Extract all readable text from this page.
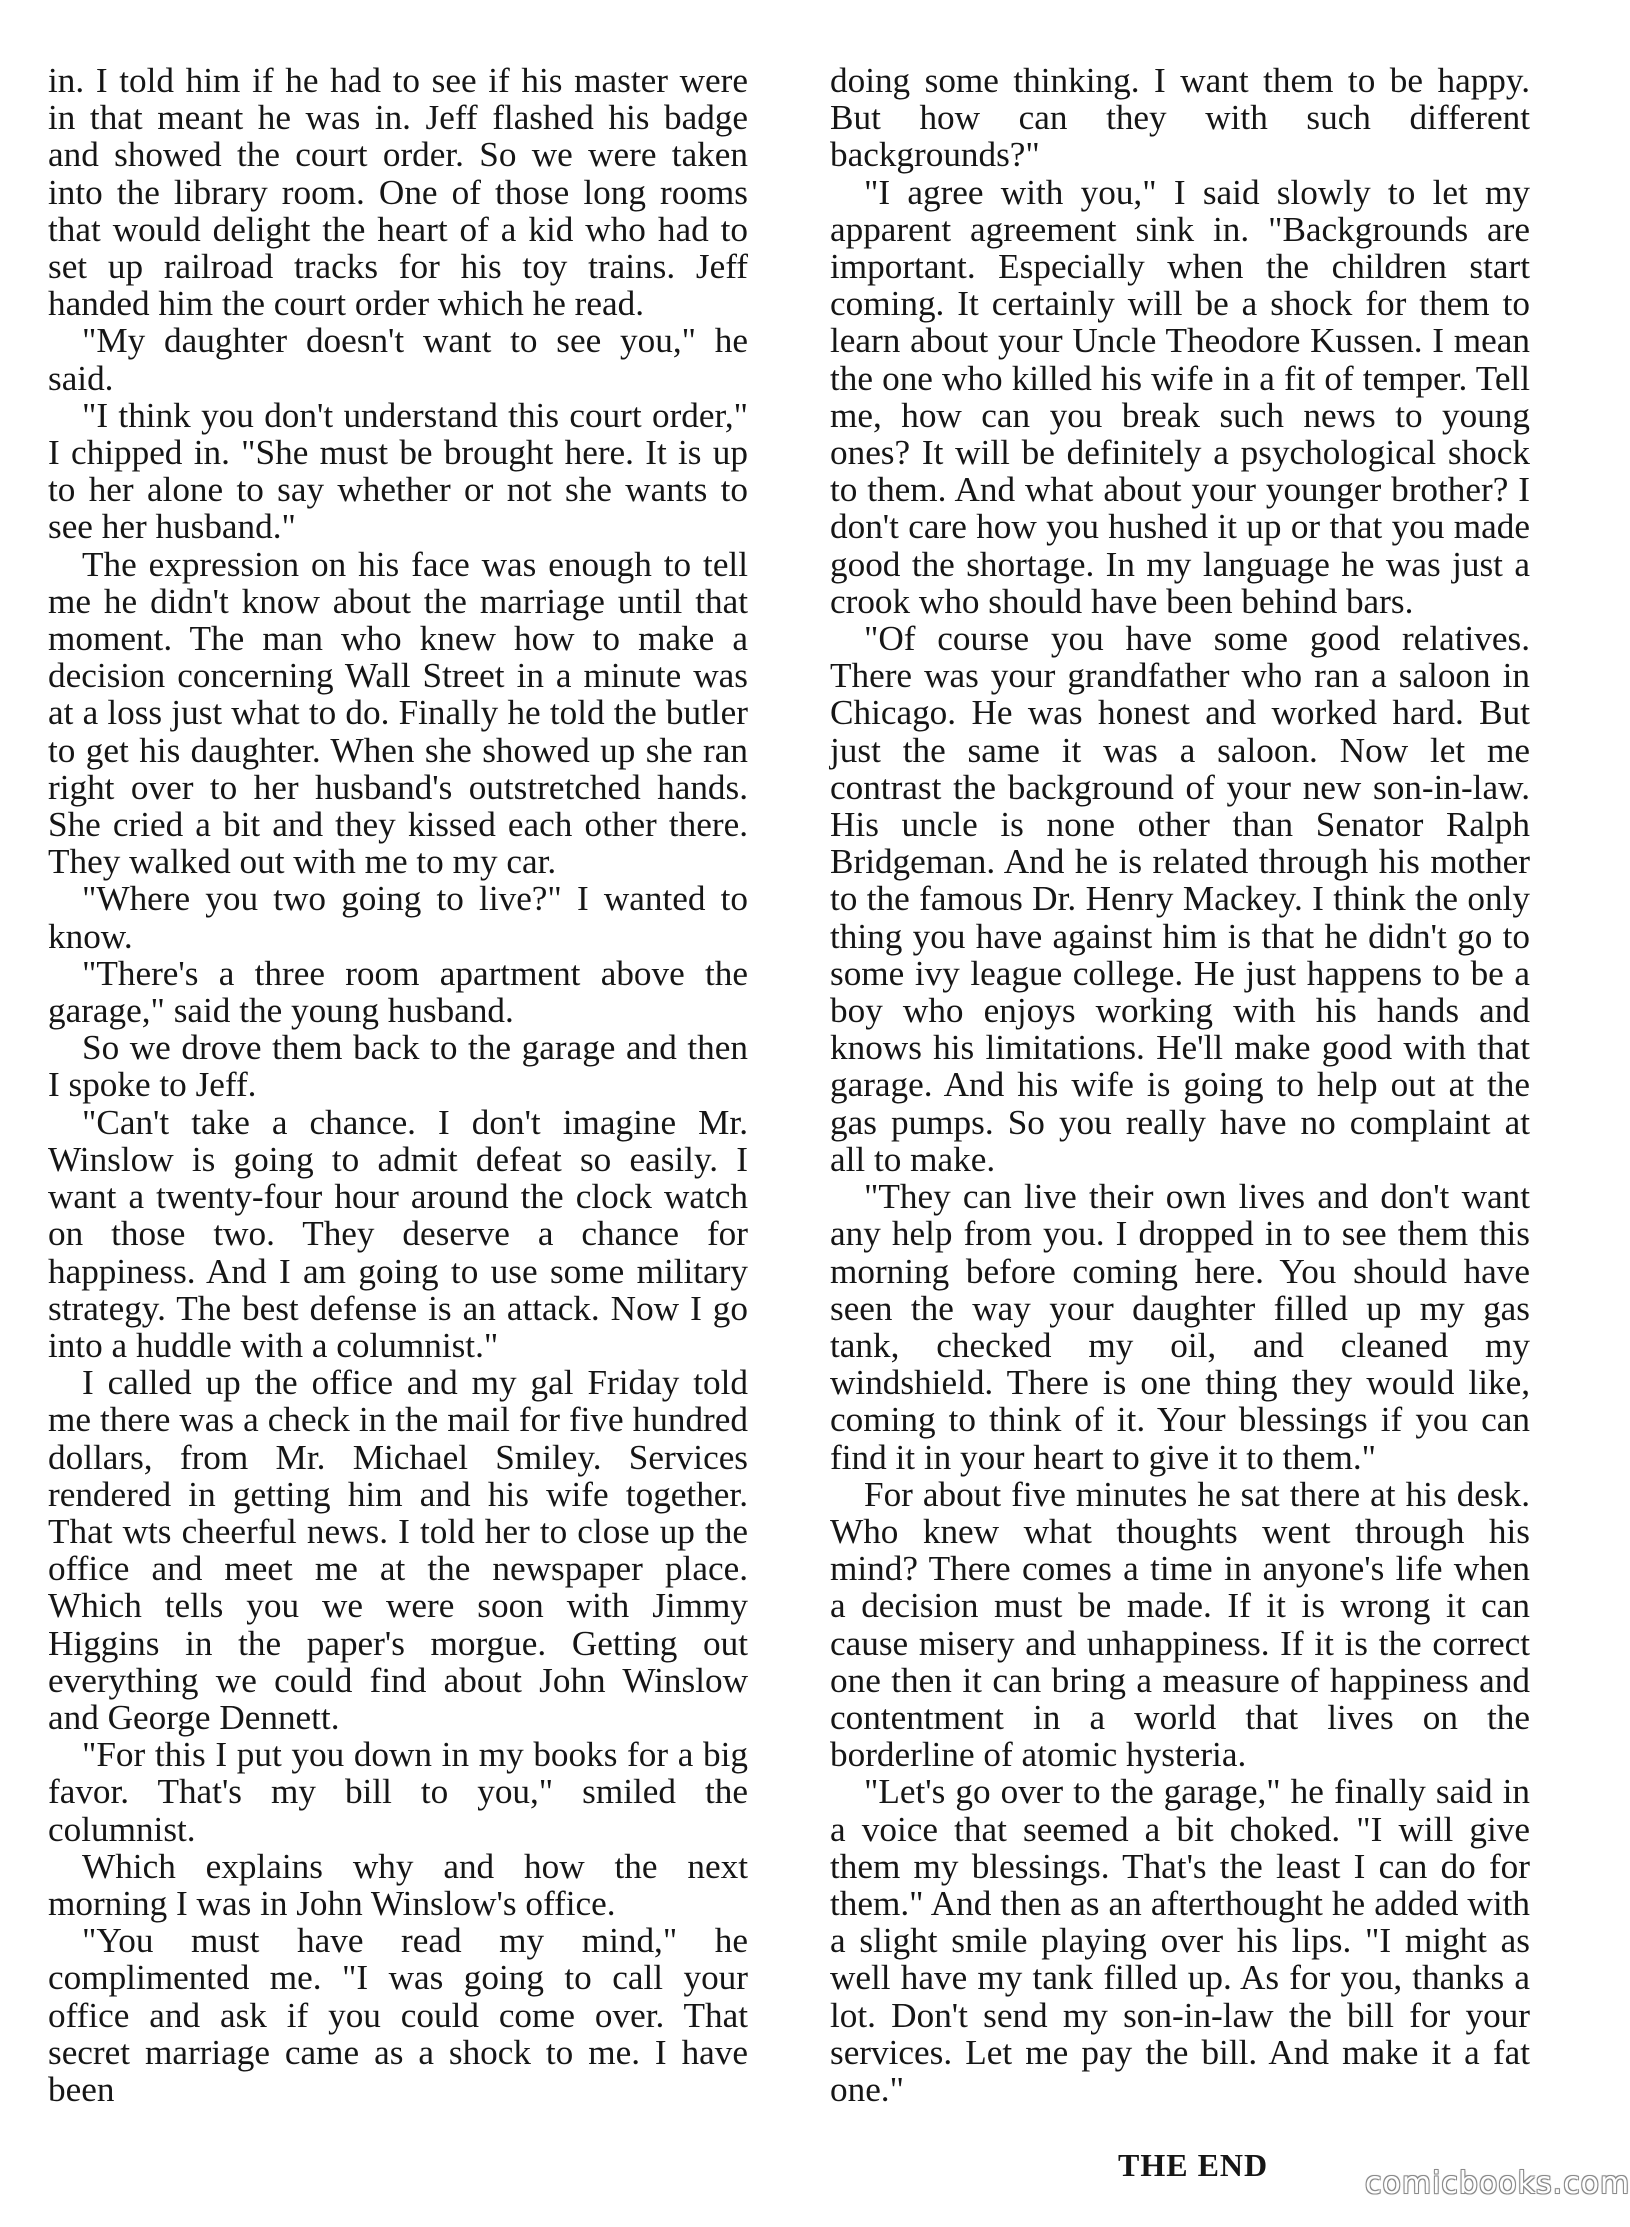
in. I told him if he had to see if his master were in that meant he was in. Jeff flashed his badge and showed the court order. So we were taken into the library room. One of those long rooms that would delight the heart of a kid who had to set up railroad tracks for his toy trains. Jeff handed him the court order which he read.

"My daughter doesn't want to see you," he said.

"I think you don't understand this court order," I chipped in. "She must be brought here. It is up to her alone to say whether or not she wants to see her husband."

The expression on his face was enough to tell me he didn't know about the marriage until that moment. The man who knew how to make a decision concerning Wall Street in a minute was at a loss just what to do. Finally he told the butler to get his daughter. When she showed up she ran right over to her husband's outstretched hands. She cried a bit and they kissed each other there. They walked out with me to my car.

"Where you two going to live?" I wanted to know.

"There's a three room apartment above the garage," said the young husband.

So we drove them back to the garage and then I spoke to Jeff.

"Can't take a chance. I don't imagine Mr. Winslow is going to admit defeat so easily. I want a twenty-four hour around the clock watch on those two. They deserve a chance for happiness. And I am going to use some military strategy. The best defense is an attack. Now I go into a huddle with a columnist."

I called up the office and my gal Friday told me there was a check in the mail for five hundred dollars, from Mr. Michael Smiley. Services rendered in getting him and his wife together. That wts cheerful news. I told her to close up the office and meet me at the newspaper place. Which tells you we were soon with Jimmy Higgins in the paper's morgue. Getting out everything we could find about John Winslow and George Dennett.

"For this I put you down in my books for a big favor. That's my bill to you," smiled the columnist.

Which explains why and how the next morning I was in John Winslow's office.

"You must have read my mind," he complimented me. "I was going to call your office and ask if you could come over. That secret marriage came as a shock to me. I have been

doing some thinking. I want them to be happy. But how can they with such different backgrounds?"

"I agree with you," I said slowly to let my apparent agreement sink in. "Backgrounds are important. Especially when the children start coming. It certainly will be a shock for them to learn about your Uncle Theodore Kussen. I mean the one who killed his wife in a fit of temper. Tell me, how can you break such news to young ones? It will be definitely a psychological shock to them. And what about your younger brother? I don't care how you hushed it up or that you made good the shortage. In my language he was just a crook who should have been behind bars.

"Of course you have some good relatives. There was your grandfather who ran a saloon in Chicago. He was honest and worked hard. But just the same it was a saloon. Now let me contrast the background of your new son-in-law. His uncle is none other than Senator Ralph Bridgeman. And he is related through his mother to the famous Dr. Henry Mackey. I think the only thing you have against him is that he didn't go to some ivy league college. He just happens to be a boy who enjoys working with his hands and knows his limitations. He'll make good with that garage. And his wife is going to help out at the gas pumps. So you really have no complaint at all to make.

"They can live their own lives and don't want any help from you. I dropped in to see them this morning before coming here. You should have seen the way your daughter filled up my gas tank, checked my oil, and cleaned my windshield. There is one thing they would like, coming to think of it. Your blessings if you can find it in your heart to give it to them."

For about five minutes he sat there at his desk. Who knew what thoughts went through his mind? There comes a time in anyone's life when a decision must be made. If it is wrong it can cause misery and unhappiness. If it is the correct one then it can bring a measure of happiness and contentment in a world that lives on the borderline of atomic hysteria.

"Let's go over to the garage," he finally said in a voice that seemed a bit choked. "I will give them my blessings. That's the least I can do for them." And then as an afterthought he added with a slight smile playing over his lips. "I might as well have my tank filled up. As for you, thanks a lot. Don't send my son-in-law the bill for your services. Let me pay the bill. And make it a fat one."

THE END
comicbooks.com
